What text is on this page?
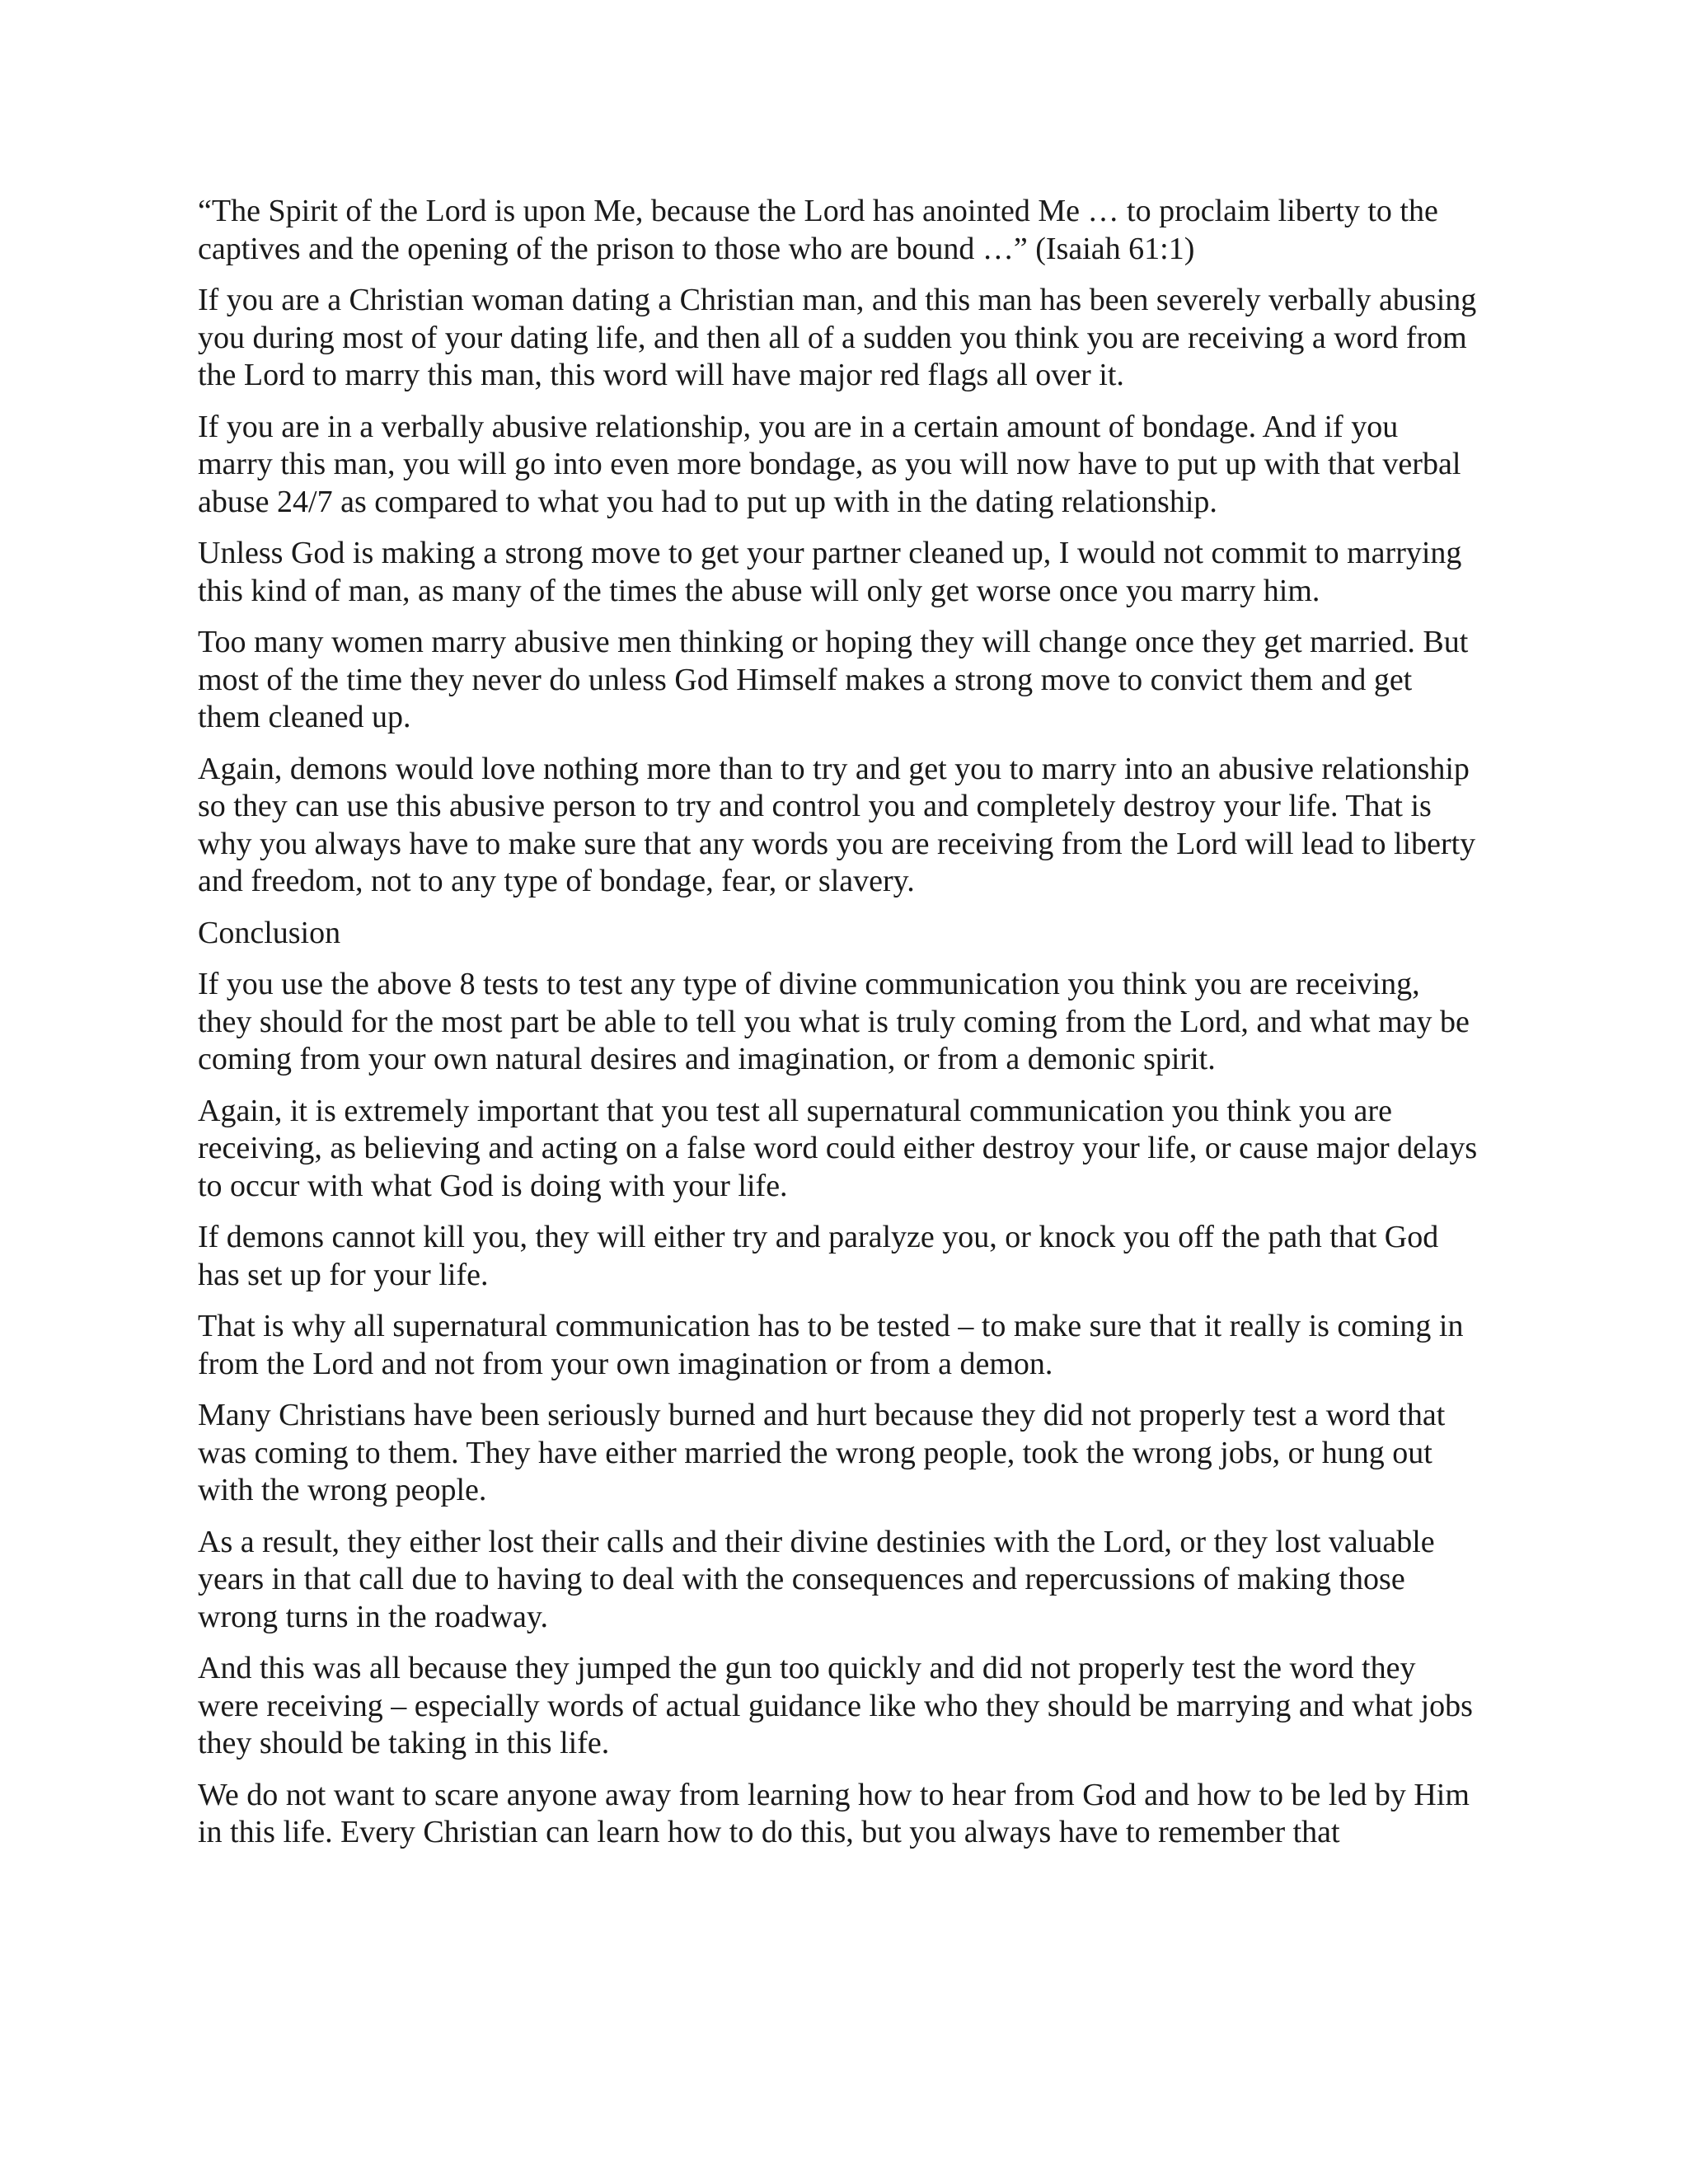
“The Spirit of the Lord is upon Me, because the Lord has anointed Me … to proclaim liberty to the captives and the opening of the prison to those who are bound …” (Isaiah 61:1)

If you are a Christian woman dating a Christian man, and this man has been severely verbally abusing you during most of your dating life, and then all of a sudden you think you are receiving a word from the Lord to marry this man, this word will have major red flags all over it.

If you are in a verbally abusive relationship, you are in a certain amount of bondage. And if you marry this man, you will go into even more bondage, as you will now have to put up with that verbal abuse 24/7 as compared to what you had to put up with in the dating relationship.

Unless God is making a strong move to get your partner cleaned up, I would not commit to marrying this kind of man, as many of the times the abuse will only get worse once you marry him.

Too many women marry abusive men thinking or hoping they will change once they get married. But most of the time they never do unless God Himself makes a strong move to convict them and get them cleaned up.

Again, demons would love nothing more than to try and get you to marry into an abusive relationship so they can use this abusive person to try and control you and completely destroy your life. That is why you always have to make sure that any words you are receiving from the Lord will lead to liberty and freedom, not to any type of bondage, fear, or slavery.

Conclusion

If you use the above 8 tests to test any type of divine communication you think you are receiving, they should for the most part be able to tell you what is truly coming from the Lord, and what may be coming from your own natural desires and imagination, or from a demonic spirit.

Again, it is extremely important that you test all supernatural communication you think you are receiving, as believing and acting on a false word could either destroy your life, or cause major delays to occur with what God is doing with your life.

If demons cannot kill you, they will either try and paralyze you, or knock you off the path that God has set up for your life.

That is why all supernatural communication has to be tested – to make sure that it really is coming in from the Lord and not from your own imagination or from a demon.

Many Christians have been seriously burned and hurt because they did not properly test a word that was coming to them. They have either married the wrong people, took the wrong jobs, or hung out with the wrong people.

As a result, they either lost their calls and their divine destinies with the Lord, or they lost valuable years in that call due to having to deal with the consequences and repercussions of making those wrong turns in the roadway.

And this was all because they jumped the gun too quickly and did not properly test the word they were receiving – especially words of actual guidance like who they should be marrying and what jobs they should be taking in this life.

We do not want to scare anyone away from learning how to hear from God and how to be led by Him in this life. Every Christian can learn how to do this, but you always have to remember that
